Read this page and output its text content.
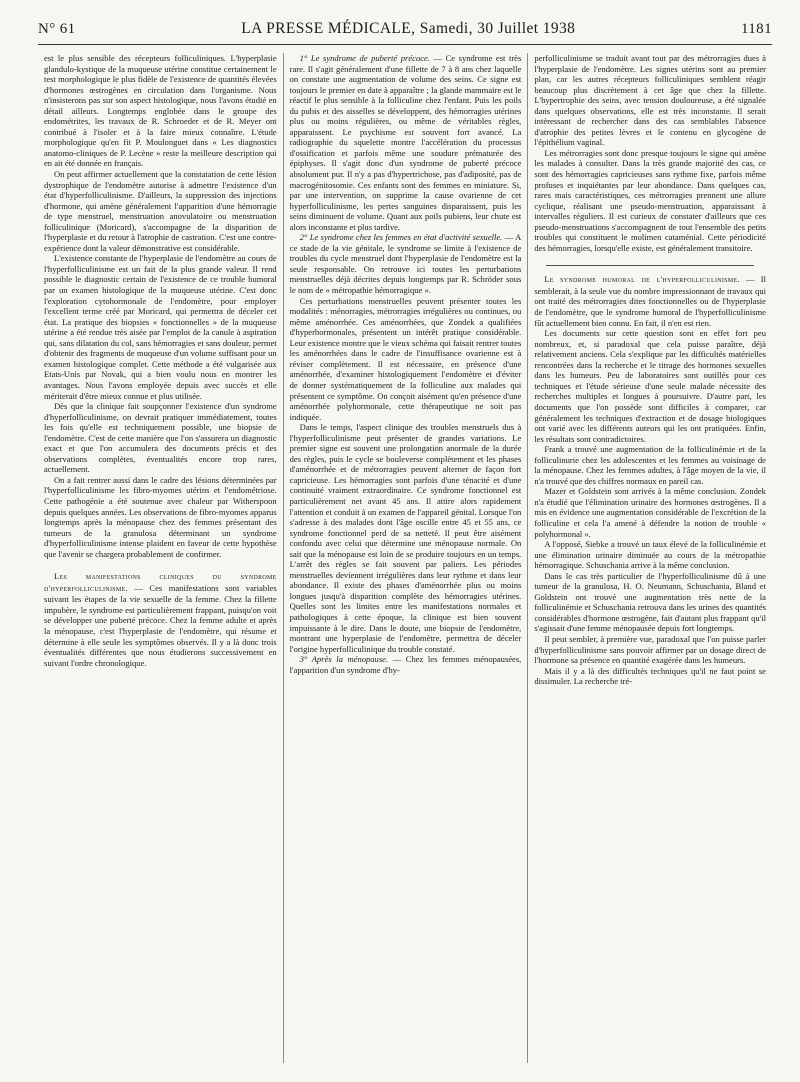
N° 61	LA PRESSE MÉDICALE, Samedi, 30 Juillet 1938	1181

est le plus sensible des récepteurs folliculiniques. L'hyperplasie glandulo-kystique de la muqueuse utérine constitue certainement le test morphologique le plus fidèle de l'existence de quantités élevées d'hormones œstrogènes en circulation dans l'organisme. Nous n'insisterons pas sur son aspect histologique, nous l'avons étudié en détail ailleurs. Longtemps englobée dans le groupe des endométrites, les travaux de R. Schroeder et de R. Meyer ont contribué à l'isoler et à la faire mieux connaître. L'étude morphologique qu'en fit P. Moulonguet dans « Les diagnostics anatomo-cliniques de P. Lecène » reste la meilleure description qui en ait été donnée en français.

On peut affirmer actuellement que la constatation de cette lésion dystrophique de l'endomètre autorise à admettre l'existence d'un état d'hyperfolliculinisme. D'ailleurs, la suppression des injections d'hormone, qui amène généralement l'apparition d'une hémorragie de type menstruel, menstruation anovulatoire ou menstruation folliculinique (Moricard), s'accompagne de la disparition de l'hyperplasie et du retour à l'atrophie de castration. C'est une contre-expérience dont la valeur démonstrative est considérable.

L'existence constante de l'hyperplasie de l'endomètre au cours de l'hyperfolliculinisme est un fait de la plus grande valeur. Il rend possible le diagnostic certain de l'existence de ce trouble humoral par un examen histologique de la muqueuse utérine. C'est donc l'exploration cytohormonale de l'endomètre, pour employer l'excellent terme créé par Moricard, qui permettra de déceler cet état. La pratique des biopsies « fonctionnelles » de la muqueuse utérine a été rendue très aisée par l'emploi de la canule à aspiration qui, sans dilatation du col, sans hémorragies et sans douleur, permet d'obtenir des fragments de muqueuse d'un volume suffisant pour un examen histologique complet. Cette méthode a été vulgarisée aux Etats-Unis par Novak, qui a bien voulu nous en montrer les avantages. Nous l'avons employée depuis avec succès et elle mériterait d'être mieux connue et plus utilisée.

Dès que la clinique fait soupçonner l'existence d'un syndrome d'hyperfolliculinisme, on devrait pratiquer immédiatement, toutes les fois qu'elle est techniquement possible, une biopsie de l'endomètre. C'est de cette manière que l'on s'assurera un diagnostic exact et que l'on accumulera des documents précis et des observations complètes, éventualités encore trop rares, actuellement.

On a fait rentrer aussi dans le cadre des lésions déterminées par l'hyperfolliculinisme les fibro-myomes utérins et l'endométriose. Cette pathogénie a été soutenue avec chaleur par Witherspoon depuis quelques années. Les observations de fibro-myomes apparus longtemps après la ménopause chez des femmes présentant des tumeurs de la granulosa déterminant un syndrome d'hyperfolliculinisme intense plaident en faveur de cette hypothèse que l'avenir se chargera probablement de confirmer.

Les manifestations cliniques du syndrome d'hyperfolliculinisme. — Ces manifestations sont variables suivant les étapes de la vie sexuelle de la femme. Chez la fillette impubère, le syndrome est particulièrement frappant, puisqu'on voit se développer une puberté précoce. Chez la femme adulte et après la ménopause, c'est l'hyperplasie de l'endomètre, qui résume et détermine à elle seule les symptômes observés. Il y a là donc trois éventualités différentes que nous étudierons successivement en suivant l'ordre chronologique.

1° Le syndrome de puberté précoce. — Ce syndrome est très rare. Il s'agit généralement d'une fillette de 7 à 8 ans chez laquelle on constate une augmentation de volume des seins. Ce signe est toujours le premier en date à apparaître ; la glande mammaire est le réactif le plus sensible à la folliculine chez l'enfant. Puis les poils du pubis et des aisselles se développent, des hémorragies utérines plus ou moins régulières, ou même de véritables règles, apparaissent. Le psychisme est souvent fort avancé. La radiographie du squelette montre l'accélération du processus d'ossification et parfois même une soudure prématurée des épiphyses. Il s'agit donc d'un syndrome de puberté précoce absolument pur. Il n'y a pas d'hypertrichose, pas d'adiposité, pas de macrogénitosomie. Ces enfants sont des femmes en miniature. Si, par une intervention, on supprime la cause ovarienne de cet hyperfolliculinisme, les pertes sanguines disparaissent, puis les seins diminuent de volume. Quant aux poils pubiens, leur chute est alors inconstante et plus tardive.

2° Le syndrome chez les femmes en état d'activité sexuelle. — A ce stade de la vie génitale, le syndrome se limite à l'existence de troubles du cycle menstruel dont l'hyperplasie de l'endomètre est la seule responsable. On retrouve ici toutes les perturbations menstruelles déjà décrites depuis longtemps par R. Schröder sous le nom de « métropathie hémorragique ».

Ces perturbations menstruelles peuvent présenter toutes les modalités : ménorragies, métrorragies irrégulières ou continues, ou même aménorrhée. Ces aménorrhées, que Zondek a qualifiées d'hyperhormonales, présentent un intérêt pratique considérable. Leur existence montre que le vieux schéma qui faisait rentrer toutes les aménorrhées dans le cadre de l'insuffisance ovarienne est à réviser complètement. Il est nécessaire, en présence d'une aménorrhée, d'examiner histologiquement l'endomètre et d'éviter de donner systématiquement de la folliculine aux malades qui présentent ce symptôme. On conçoit aisément qu'en présence d'une aménorrhée polyhormonale, cette thérapeutique ne soit pas indiquée.

Dans le temps, l'aspect clinique des troubles menstruels dus à l'hyperfolliculinisme peut présenter de grandes variations. Le premier signe est souvent une prolongation anormale de la durée des règles, puis le cycle se bouleverse complètement et les phases d'aménorrhée et de métrorragies peuvent alterner de façon fort capricieuse. Les hémorragies sont parfois d'une ténacité et d'une continuité vraiment extraordinaire. Ce syndrome fonctionnel est particulièrement net avant 45 ans. Il attire alors rapidement l'attention et conduit à un examen de l'appareil génital. Lorsque l'on s'adresse à des malades dont l'âge oscille entre 45 et 55 ans, ce syndrome fonctionnel perd de sa netteté. Il peut être aisément confondu avec celui que détermine une ménopause normale. On sait que la ménopause est loin de se produire toujours en un temps. L'arrêt des règles se fait souvent par paliers. Les périodes menstruelles deviennent irrégulières dans leur rythme et dans leur abondance. Il existe des phases d'aménorrhée plus ou moins longues jusqu'à disparition complète des hémorragies utérines. Quelles sont les limites entre les manifestations normales et pathologiques à cette époque, la clinique est bien souvent impuissante à le dire. Dans le doute, une biopsie de l'endomètre, montrant une hyperplasie de l'endomètre, permettra de déceler l'origine hyperfolliculinique du trouble constaté.

3° Après la ménopause. — Chez les femmes ménopausées, l'apparition d'un syndrome d'hy-

perfolliculinisme se traduit avant tout par des métrorragies dues à l'hyperplasie de l'endomètre. Les signes utérins sont au premier plan, car les autres récepteurs folliculiniques semblent réagir beaucoup plus discrètement à cet âge que chez la fillette. L'hypertrophie des seins, avec tension douloureuse, a été signalée dans quelques observations, elle est très inconstante. Il serait intéressant de rechercher dans des cas semblables l'absence d'atrophie des petites lèvres et le contenu en glycogène de l'épithélium vaginal.

Les métrorragies sont donc presque toujours le signe qui amène les malades à consulter. Dans la très grande majorité des cas, ce sont des hémorragies capricieuses sans rythme fixe, parfois même profuses et inquiétantes par leur abondance. Dans quelques cas, rares mais caractéristiques, ces métrorragies prennent une allure cyclique, réalisant une pseudo-menstruation, apparaissant à intervalles réguliers. Il est curieux de constater d'ailleurs que ces pseudo-menstruations s'accompagnent de tout l'ensemble des petits troubles qui constituent le molimen cataménial. Cette périodicité des hémorragies, lorsqu'elle existe, est généralement transitoire.

Le syndrome humoral de l'hyperfolliculinisme. — Il semblerait, à la seule vue du nombre impressionnant de travaux qui ont traité des métrorragies dites fonctionnelles ou de l'hyperplasie de l'endomètre, que le syndrome humoral de l'hyperfolliculinisme fût actuellement bien connu. En fait, il n'en est rien.

Les documents sur cette question sont en effet fort peu nombreux, et, si paradoxal que cela puisse paraître, déjà relativement anciens. Cela s'explique par les difficultés matérielles rencontrées dans la recherche et le titrage des hormones sexuelles dans les humeurs. Peu de laboratoires sont outillés pour ces techniques et l'étude sérieuse d'une seule malade nécessite des recherches multiples et longues à poursuivre. D'autre part, les documents que l'on possède sont difficiles à comparer, car généralement les techniques d'extraction et de dosage biologiques ont varié avec les différents auteurs qui les ont pratiquées. Enfin, les résultats sont contradictoires.

Frank a trouvé une augmentation de la folliculinémie et de la folliculinurie chez les adolescentes et les femmes au voisinage de la ménopause. Chez les femmes adultes, à l'âge moyen de la vie, il n'a trouvé que des chiffres normaux en pareil cas.

Mazer et Goldstein sont arrivés à la même conclusion. Zondek n'a étudié que l'élimination urinaire des hormones œstrogènes. Il a mis en évidence une augmentation considérable de l'excrétion de la folliculine et cela l'a amené à défendre la notion de trouble « polyhormonal ».

A l'opposé, Siebke a trouvé un taux élevé de la folliculinémie et une élimination urinaire diminuée au cours de la métropathie hémorragique. Schuschania arrive à la même conclusion.

Dans le cas très particulier de l'hyperfolliculinisme dû à une tumeur de la granulosa, H. O. Neumann, Schuschania, Bland et Goldstein ont trouvé une augmentation très nette de la folliculinémie et Schuschania retrouva dans les urines des quantités considérables d'hormone œstrogène, fait d'autant plus frappant qu'il s'agissait d'une femme ménopausée depuis fort longtemps.

Il peut sembler, à première vue, paradoxal que l'on puisse parler d'hyperfolliculinisme sans pouvoir affirmer par un dosage direct de l'hormone sa présence en quantité exagérée dans les humeurs.

Mais il y a là des difficultés techniques qu'il ne faut point se dissimuler. La recherche tré-
